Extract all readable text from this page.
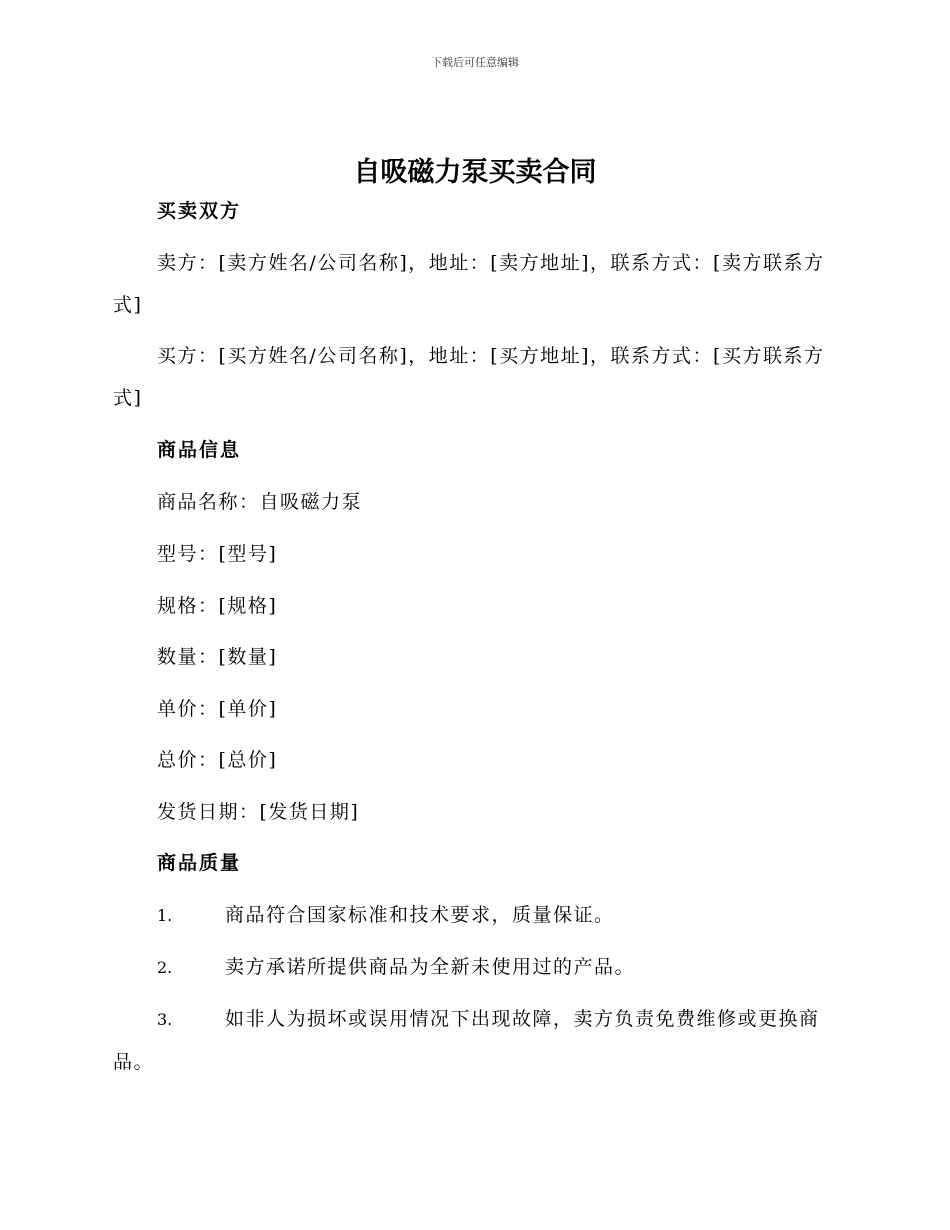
下载后可任意编辑
自吸磁力泵买卖合同

买卖双方

卖方：[卖方姓名/公司名称]，地址：[卖方地址]，联系方式：[卖方联系方式]

买方：[买方姓名/公司名称]，地址：[买方地址]，联系方式：[买方联系方式]

商品信息

商品名称：自吸磁力泵

型号：[型号]

规格：[规格]

数量：[数量]

单价：[单价]

总价：[总价]

发货日期：[发货日期]

商品质量

1.	商品符合国家标准和技术要求，质量保证。

2.	卖方承诺所提供商品为全新未使用过的产品。

3.	如非人为损坏或误用情况下出现故障，卖方负责免费维修或更换商品。
